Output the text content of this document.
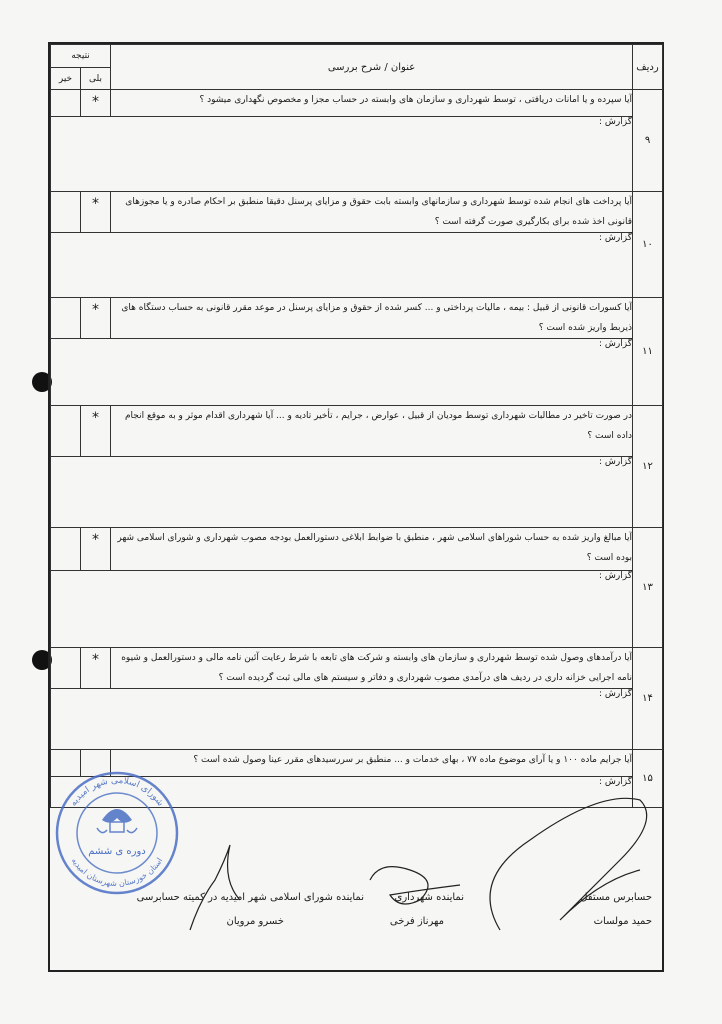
ردیف	عنوان / شرح بررسی	نتیجه
بلی
خیر	

۹	آیا سپرده و یا امانات دریافتی ، توسط شهرداری و سازمان های وابسته در حساب مجزا و مخصوص نگهداری میشود ؟	*	
	گزارش :		
۱۰	آیا پرداخت های انجام شده توسط شهرداری و سازمانهای وابسته بابت حقوق و مزایای پرسنل دقیقا منطبق بر احکام صادره و یا مجوزهای قانونی اخذ شده برای بکارگیری صورت گرفته است ؟	*	
	گزارش :		
۱۱	آیا کسورات قانونی از قبیل : بیمه ، مالیات پرداختی و ... کسر شده از حقوق و مزایای پرسنل در موعد مقرر قانونی به حساب دستگاه های ذیربط واریز شده است ؟	*	
	گزارش :		
۱۲	در صورت تاخیر در مطالبات شهرداری توسط مودیان از قبیل ، عوارض ، جرایم ، تأخیر تادیه و ... آیا شهرداری اقدام موثر و به موقع انجام داده است ؟	*	
	گزارش :		
۱۳	آیا مبالغ واریز شده به حساب شوراهای اسلامی شهر ، منطبق با ضوابط ابلاغی دستورالعمل بودجه مصوب شهرداری و شورای اسلامی شهر بوده است ؟	*	
	گزارش :		
۱۴	آیا درآمدهای وصول شده توسط شهرداری و سازمان های وابسته و شرکت های تابعه با شرط رعایت آئین نامه مالی و دستورالعمل و شیوه نامه اجرایی خزانه داری در ردیف های درآمدی مصوب شهرداری و دفاتر و سیستم های مالی ثبت گردیده است ؟	*	
	گزارش :		
۱۵	آیا جرایم ماده ۱۰۰ و یا آرای موضوع ماده ۷۷ ، بهای خدمات و ... منطبق بر سررسیدهای مقرر عینا وصول شده است ؟		
	گزارش :		
حسابرس مستقل
حمید مولسات
نماینده شهرداری
مهرناز فرخی
نماینده شورای اسلامی شهر امیدیه در کمیته حسابرسی
خسرو مرویان
شورای اسلامی شهر امیدیه
استان خوزستان شهرستان امیدیه
دوره ی ششم
